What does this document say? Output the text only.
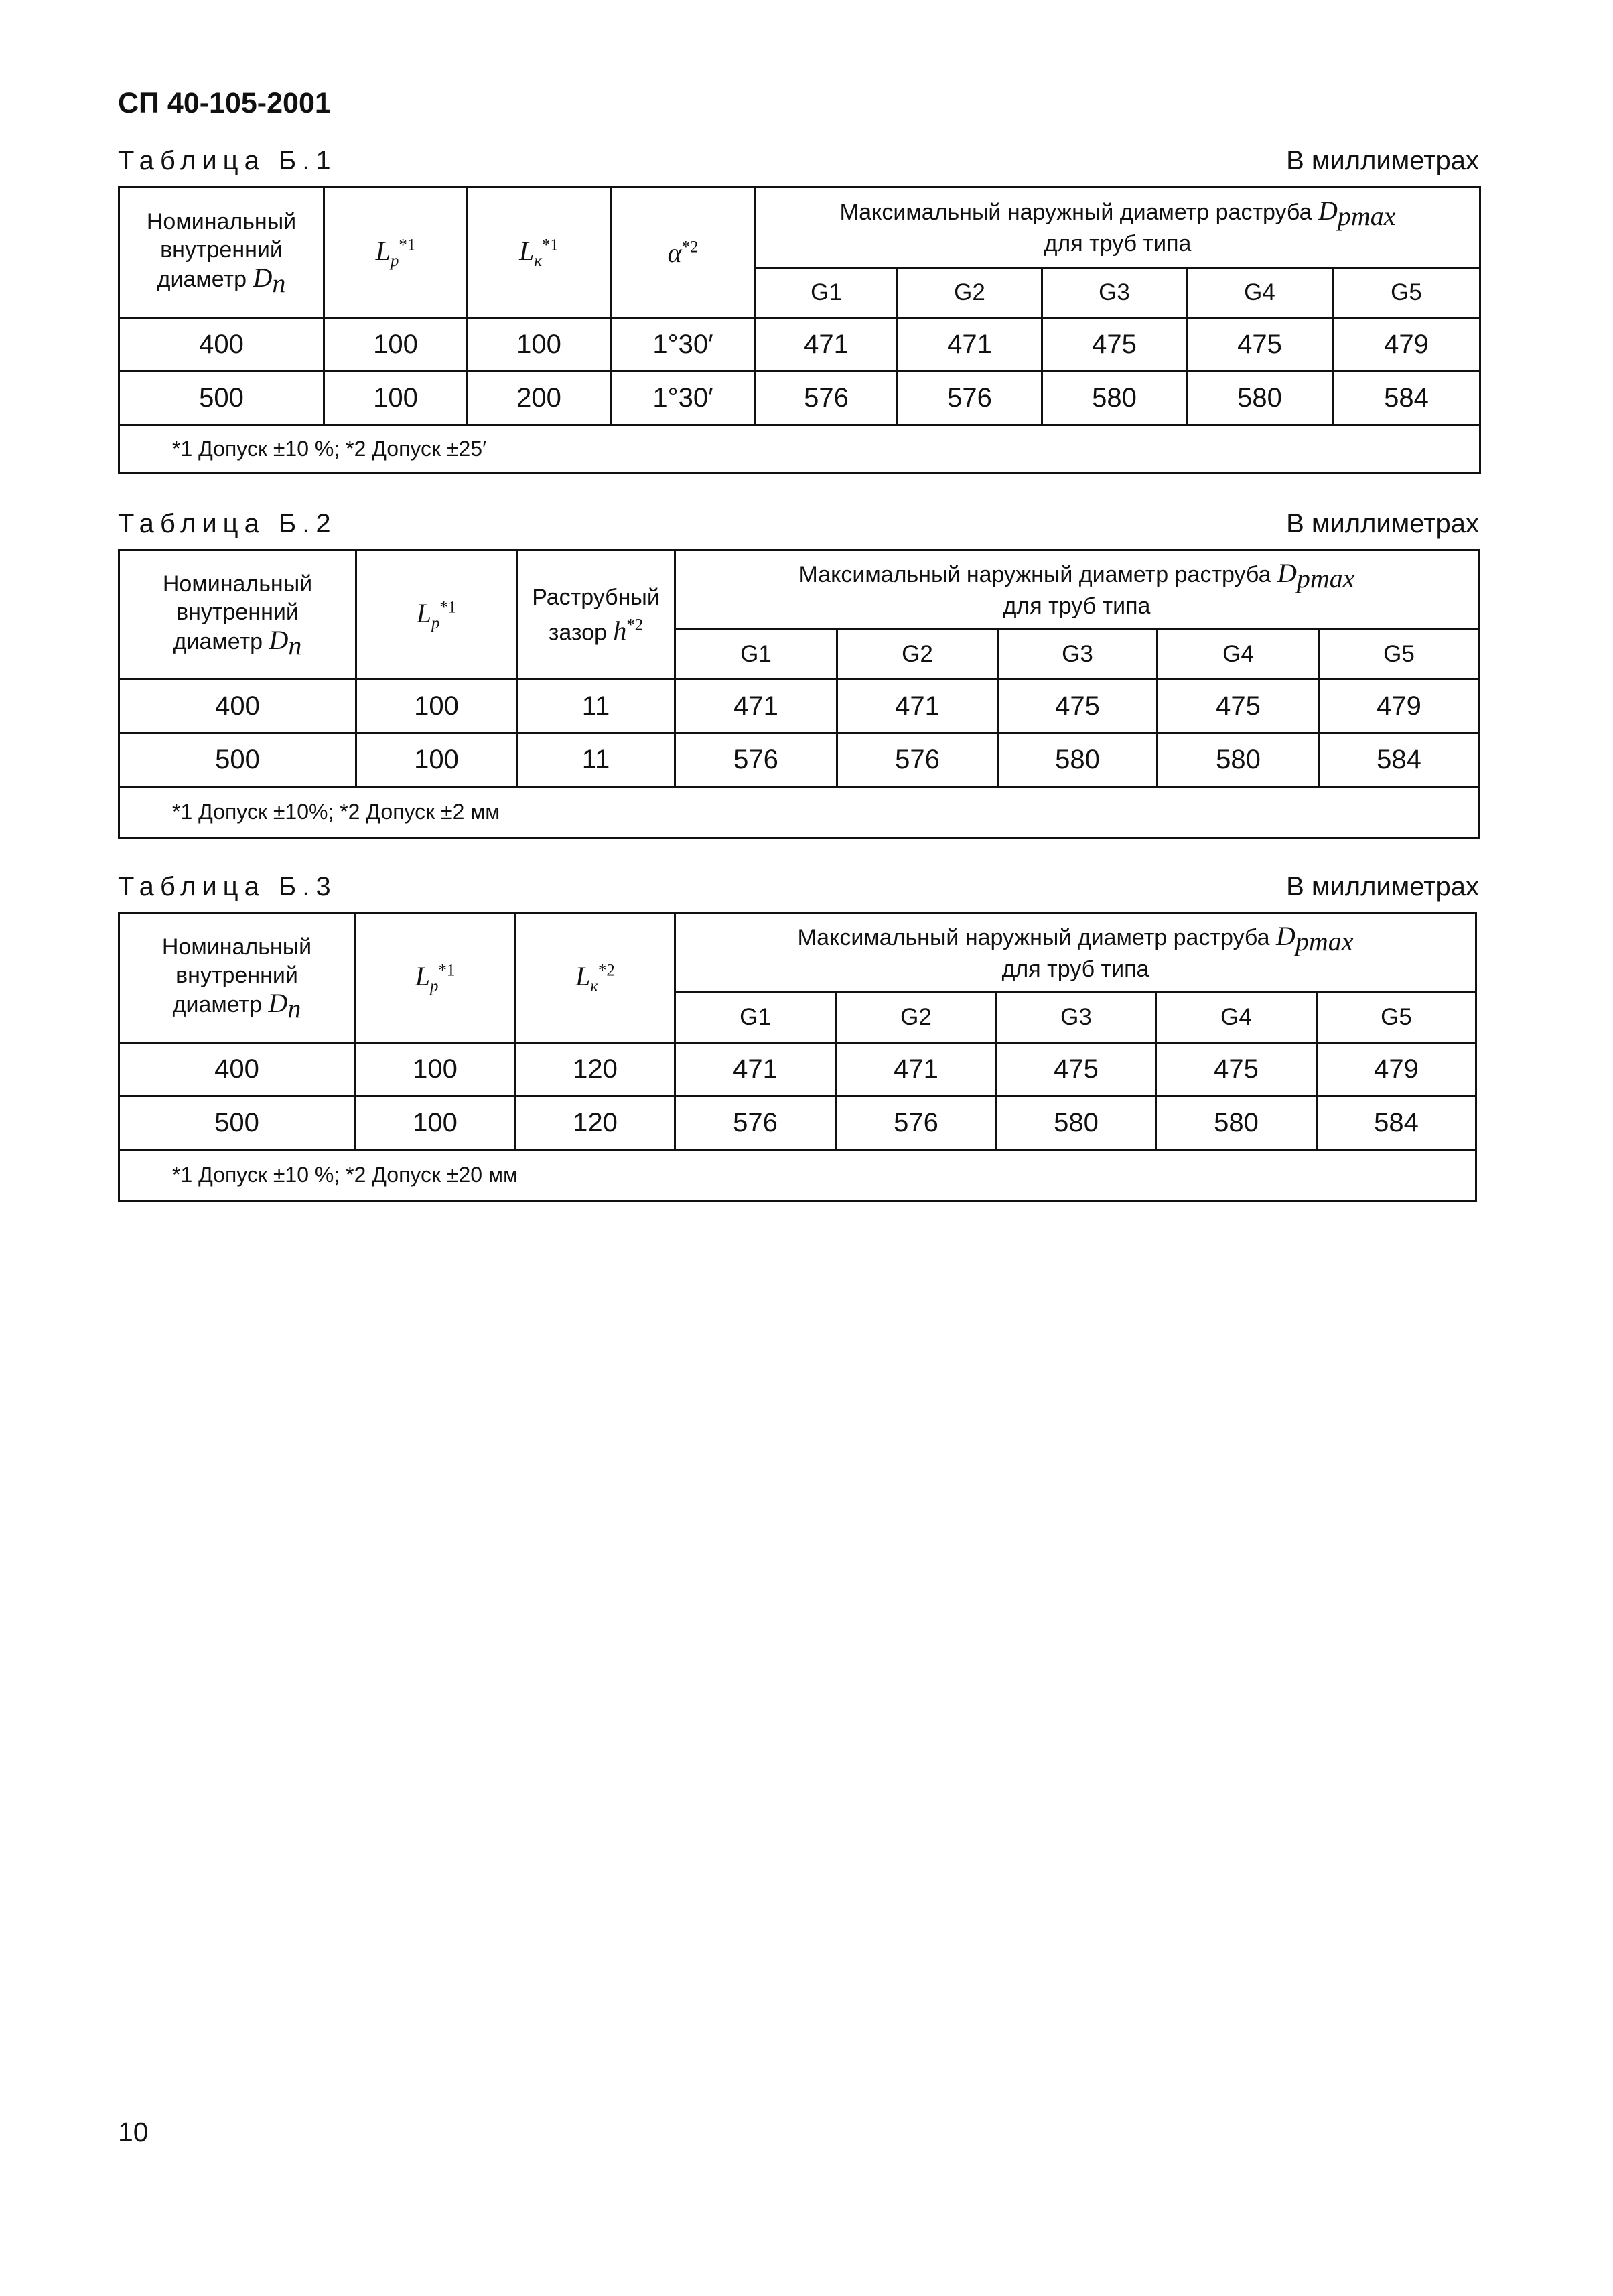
СП 40-105-2001
Таблица Б.1	В миллиметрах
Номинальный
внутренний
диаметр $D_n$	$L_р^{*1}$	$L_к^{*1}$	$\alpha^{*2}$	Максимальный наружный диаметр раструба $D_{рmax}$
для труб типа				
				G1	G2	G3	G4	G5
400	100	100	1°30′	471	471	475	475	479
500	100	200	1°30′	576	576	580	580	584
*1 Допуск ±10 %; *2 Допуск ±25′								
Таблица Б.2	В миллиметрах
Номинальный
внутренний
диаметр $D_n$	$L_р^{*1}$	Раструбный
зазор $h^{*2}$	Максимальный наружный диаметр раструба $D_{рmax}$
для труб типа				
			G1	G2	G3	G4	G5
400	100	11	471	471	475	475	479
500	100	11	576	576	580	580	584
*1 Допуск ±10%; *2 Допуск ±2 мм							
Таблица Б.3	В миллиметрах
Номинальный
внутренний
диаметр $D_n$	$L_р^{*1}$	$L_к^{*2}$	Максимальный наружный диаметр раструба $D_{рmax}$
для труб типа				
			G1	G2	G3	G4	G5
400	100	120	471	471	475	475	479
500	100	120	576	576	580	580	584
*1 Допуск ±10 %; *2 Допуск ±20 мм							
10
